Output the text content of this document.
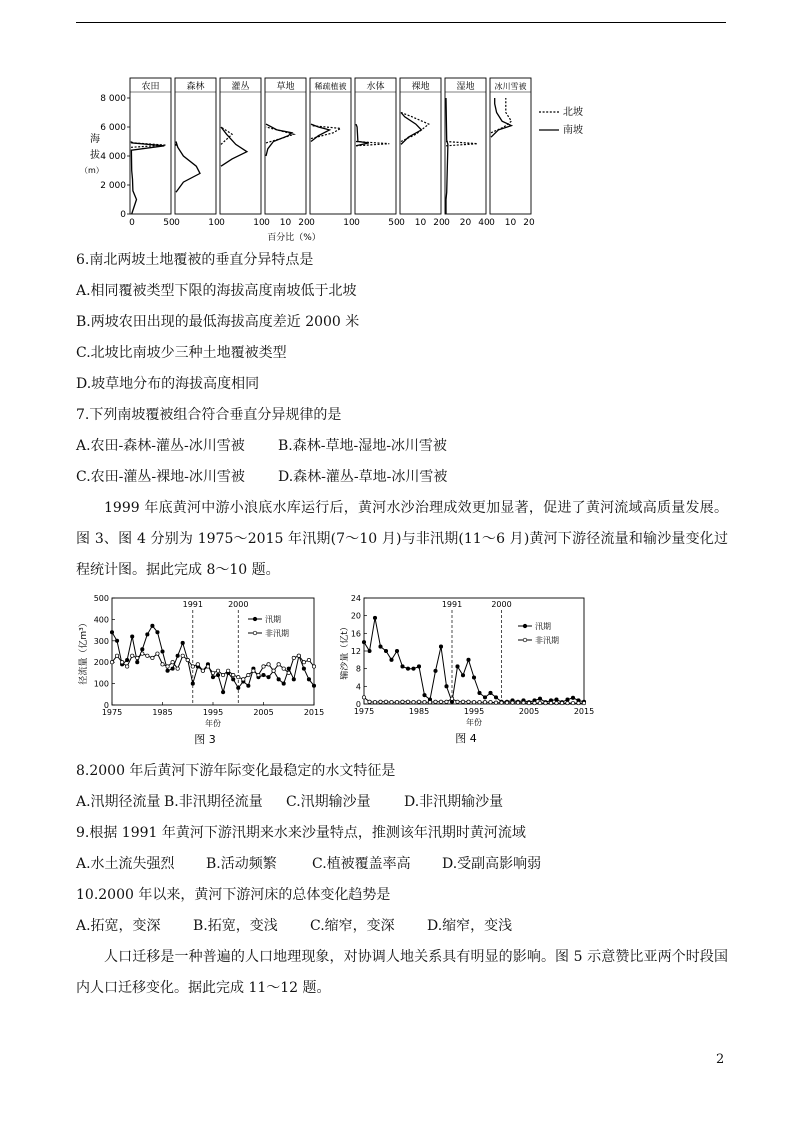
8 000
6 000
4 000
2 000
0
海
拔
（m）
农田
0	50
森林
0	10
灌丛
0	10
草地
0 10 20
稀疏植被
0	10
水体
0	50
裸地
0 10 20
湿地
0 20 40
冰川雪被
0 10 20
百分比（%）
北坡
南坡
6.南北两坡土地覆被的垂直分异特点是
A.相同覆被类型下限的海拔高度南坡低于北坡
B.两坡农田出现的最低海拔高度差近 2000 米
C.北坡比南坡少三种土地覆被类型
D.坡草地分布的海拔高度相同
7.下列南坡覆被组合符合垂直分异规律的是
A.农田-森林-灌丛-冰川雪被 B.森林-草地-湿地-冰川雪被
C.农田-灌丛-裸地-冰川雪被 D.森林-灌丛-草地-冰川雪被
1999 年底黄河中游小浪底水库运行后，黄河水沙治理成效更加显著，促进了黄河流域高质量发展。图 3、图 4 分别为 1975～2015 年汛期(7～10 月)与非汛期(11～6 月)黄河下游径流量和输沙量变化过程统计图。据此完成 8～10 题。
0
100
200
300
400
500
1975	1985	1995	2005	2015
1991	2000
汛期
非汛期
径流量（亿m³）
年份
图 3
0
4
8
12
16
20
24
1975	1985	1995	2005	2015
1991	2000
汛期
非汛期
输沙量（亿t）
年份
图 4
8.2000 年后黄河下游年际变化最稳定的水文特征是
A.汛期径流量 B.非汛期径流量 C.汛期输沙量 D.非汛期输沙量
9.根据 1991 年黄河下游汛期来水来沙量特点，推测该年汛期时黄河流域
A.水土流失强烈 B.活动频繁	C.植被覆盖率高 D.受副高影响弱
10.2000 年以来，黄河下游河床的总体变化趋势是
A.拓宽，变深 B.拓宽，变浅 C.缩窄，变深 D.缩窄，变浅
人口迁移是一种普遍的人口地理现象，对协调人地关系具有明显的影响。图 5 示意赞比亚两个时段国内人口迁移变化。据此完成 11～12 题。
2
